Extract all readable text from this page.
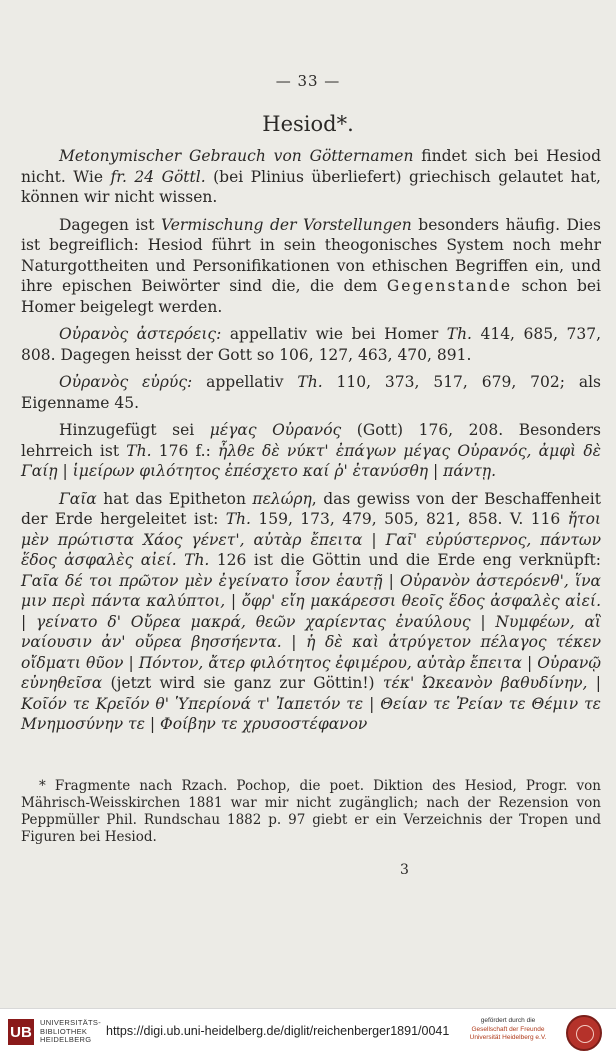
— 33 —
Hesiod*.

Metonymischer Gebrauch von Götternamen findet sich bei Hesiod nicht. Wie fr. 24 Göttl. (bei Plinius überliefert) griechisch gelautet hat, können wir nicht wissen.

Dagegen ist Vermischung der Vorstellungen besonders häufig. Dies ist begreiflich: Hesiod führt in sein theogonisches System noch mehr Naturgottheiten und Personifikationen von ethischen Begriffen ein, und ihre epischen Beiwörter sind die, die dem Gegenstande schon bei Homer beigelegt werden.

Οὐρανὸς ἀστερόεις: appellativ wie bei Homer Th. 414, 685, 737, 808. Dagegen heisst der Gott so 106, 127, 463, 470, 891.

Οὐρανὸς εὐρύς: appellativ Th. 110, 373, 517, 679, 702; als Eigenname 45.

Hinzugefügt sei μέγας Οὐρανός (Gott) 176, 208. Besonders lehrreich ist Th. 176 f.: ἦλθε δὲ νύκτ' ἐπάγων μέγας Οὐρανός, ἀμφὶ δὲ Γαίῃ | ἱμείρων φιλότητος ἐπέσχετο καί ῥ' ἐτανύσθη | πάντῃ.

Γαῖα hat das Epitheton πελώρη, das gewiss von der Beschaffenheit der Erde hergeleitet ist: Th. 159, 173, 479, 505, 821, 858. V. 116 ἤτοι μὲν πρώτιστα Χάος γένετ', αὐτὰρ ἔπειτα | Γαῖ' εὐρύστερνος, πάντων ἕδος ἀσφαλὲς αἰεί. Th. 126 ist die Göttin und die Erde eng verknüpft: Γαῖα δέ τοι πρῶτον μὲν ἐγείνατο ἶσον ἑαυτῇ | Οὐρανὸν ἀστερόενθ', ἵνα μιν περὶ πάντα καλύπτοι, | ὄφρ' εἴη μακάρεσσι θεοῖς ἕδος ἀσφαλὲς αἰεί. | γείνατο δ' Οὔρεα μακρά, θεῶν χαρίεντας ἐναύλους | Νυμφέων, αἳ ναίουσιν ἀν' οὔρεα βησσήεντα. | ἡ δὲ καὶ ἀτρύγετον πέλαγος τέκεν οἴδματι θῦον | Πόντον, ἄτερ φιλότητος ἐφιμέρου, αὐτὰρ ἔπειτα | Οὐρανῷ εὐνηθεῖσα (jetzt wird sie ganz zur Göttin!) τέκ' Ὠκεανὸν βαθυδίνην, | Κοῖόν τε Κρεῖόν θ' Ὑπερίονά τ' Ἰαπετόν τε | Θείαν τε Ῥείαν τε Θέμιν τε Μνημοσύνην τε | Φοίβην τε χρυσοστέφανον

* Fragmente nach Rzach. Pochop, die poet. Diktion des Hesiod, Progr. von Mährisch-Weisskirchen 1881 war mir nicht zugänglich; nach der Rezension von Peppmüller Phil. Rundschau 1882 p. 97 giebt er ein Verzeichnis der Tropen und Figuren bei Hesiod.

3
UB
UNIVERSITÄTS-
BIBLIOTHEK
HEIDELBERG
https://digi.ub.uni-heidelberg.de/diglit/reichenberger1891/0041
gefördert durch die
Gesellschaft der Freunde
Universität Heidelberg e.V.
